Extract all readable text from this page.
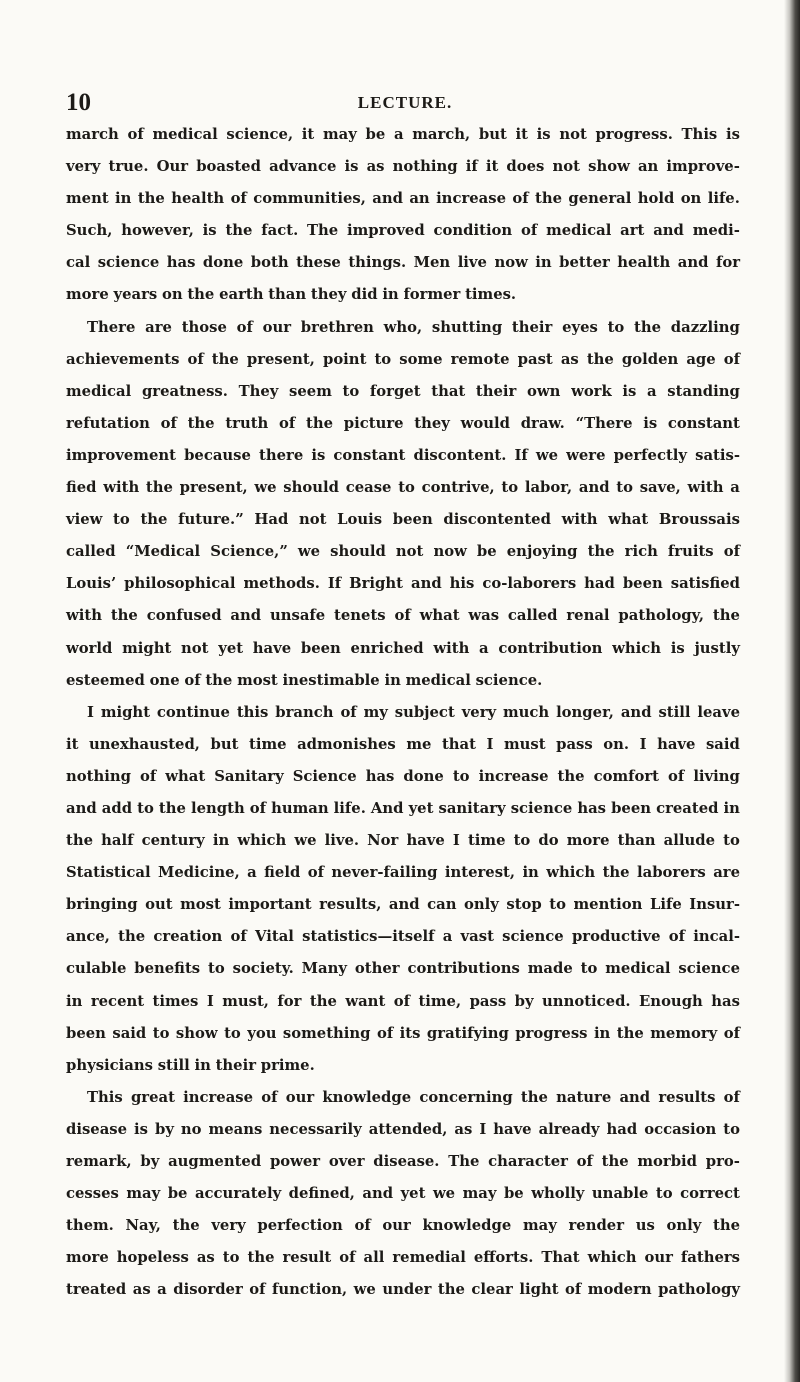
10	LECTURE.
march of medical science, it may be a march, but it is not progress. This is
very true. Our boasted advance is as nothing if it does not show an improve-
ment in the health of communities, and an increase of the general hold on life.
Such, however, is the fact. The improved condition of medical art and medi-
cal science has done both these things. Men live now in better health and for
more years on the earth than they did in former times.
There are those of our brethren who, shutting their eyes to the dazzling
achievements of the present, point to some remote past as the golden age of
medical greatness. They seem to forget that their own work is a standing
refutation of the truth of the picture they would draw. “There is constant
improvement because there is constant discontent. If we were perfectly satis-
fied with the present, we should cease to contrive, to labor, and to save, with a
view to the future.” Had not Louis been discontented with what Broussais
called “Medical Science,” we should not now be enjoying the rich fruits of
Louis’ philosophical methods. If Bright and his co-laborers had been satisfied
with the confused and unsafe tenets of what was called renal pathology, the
world might not yet have been enriched with a contribution which is justly
esteemed one of the most inestimable in medical science.
I might continue this branch of my subject very much longer, and still leave
it unexhausted, but time admonishes me that I must pass on. I have said
nothing of what Sanitary Science has done to increase the comfort of living
and add to the length of human life. And yet sanitary science has been created in
the half century in which we live. Nor have I time to do more than allude to
Statistical Medicine, a field of never-failing interest, in which the laborers are
bringing out most important results, and can only stop to mention Life Insur-
ance, the creation of Vital statistics—itself a vast science productive of incal-
culable benefits to society. Many other contributions made to medical science
in recent times I must, for the want of time, pass by unnoticed. Enough has
been said to show to you something of its gratifying progress in the memory of
physicians still in their prime.
This great increase of our knowledge concerning the nature and results of
disease is by no means necessarily attended, as I have already had occasion to
remark, by augmented power over disease. The character of the morbid pro-
cesses may be accurately defined, and yet we may be wholly unable to correct
them. Nay, the very perfection of our knowledge may render us only the
more hopeless as to the result of all remedial efforts. That which our fathers
treated as a disorder of function, we under the clear light of modern pathology
